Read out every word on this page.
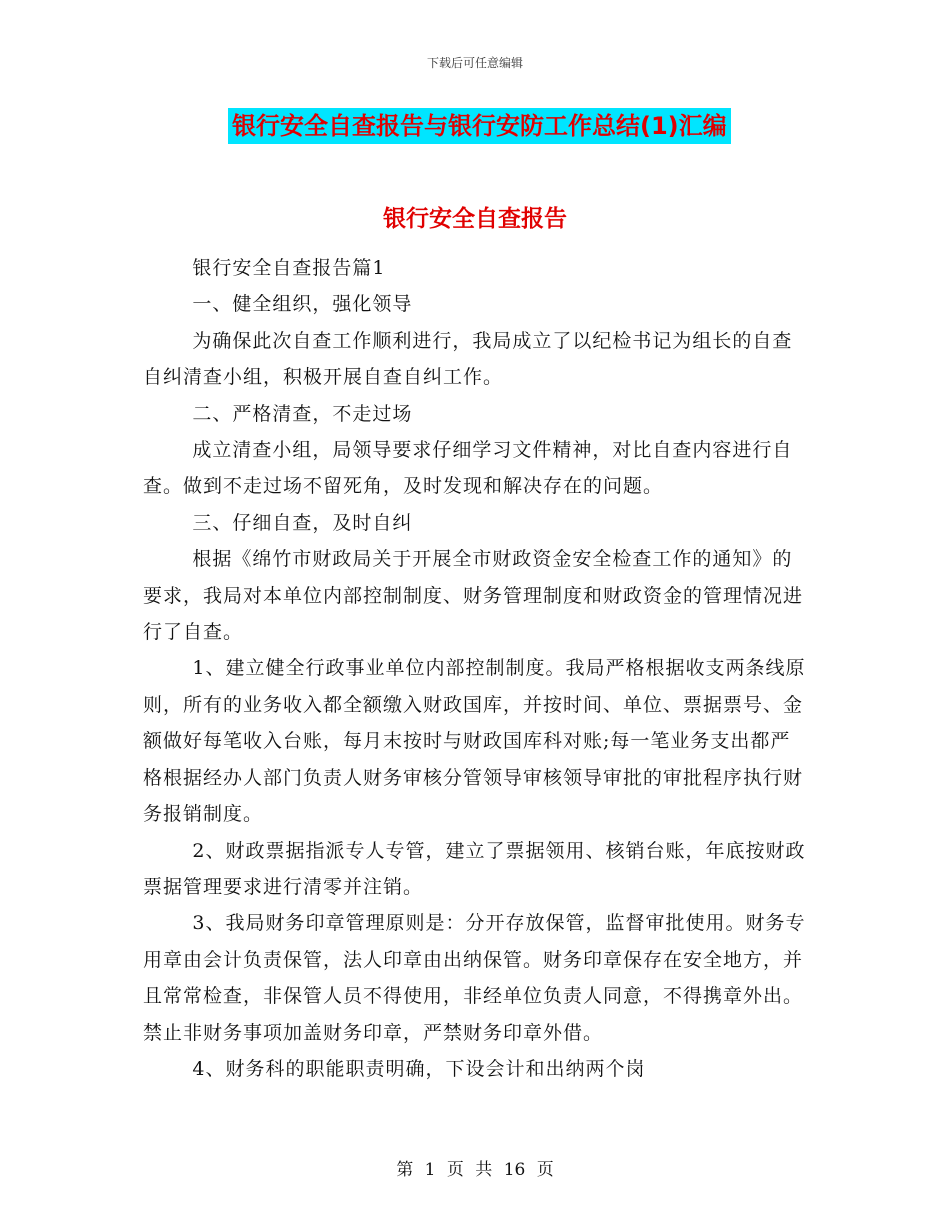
下载后可任意编辑
银行安全自查报告与银行安防工作总结(1)汇编
银行安全自查报告

银行安全自查报告篇1

一、健全组织，强化领导

为确保此次自查工作顺利进行，我局成立了以纪检书记为组长的自查自纠清查小组，积极开展自查自纠工作。

二、严格清查，不走过场

成立清查小组，局领导要求仔细学习文件精神，对比自查内容进行自查。做到不走过场不留死角，及时发现和解决存在的问题。

三、仔细自查，及时自纠

根据《绵竹市财政局关于开展全市财政资金安全检查工作的通知》的要求，我局对本单位内部控制制度、财务管理制度和财政资金的管理情况进行了自查。

1、建立健全行政事业单位内部控制制度。我局严格根据收支两条线原则，所有的业务收入都全额缴入财政国库，并按时间、单位、票据票号、金额做好每笔收入台账，每月末按时与财政国库科对账;每一笔业务支出都严格根据经办人部门负责人财务审核分管领导审核领导审批的审批程序执行财务报销制度。

2、财政票据指派专人专管，建立了票据领用、核销台账，年底按财政票据管理要求进行清零并注销。

3、我局财务印章管理原则是：分开存放保管，监督审批使用。财务专用章由会计负责保管，法人印章由出纳保管。财务印章保存在安全地方，并且常常检查，非保管人员不得使用，非经单位负责人同意，不得携章外出。禁止非财务事项加盖财务印章，严禁财务印章外借。

4、财务科的职能职责明确，下设会计和出纳两个岗

第 1 页 共 16 页
